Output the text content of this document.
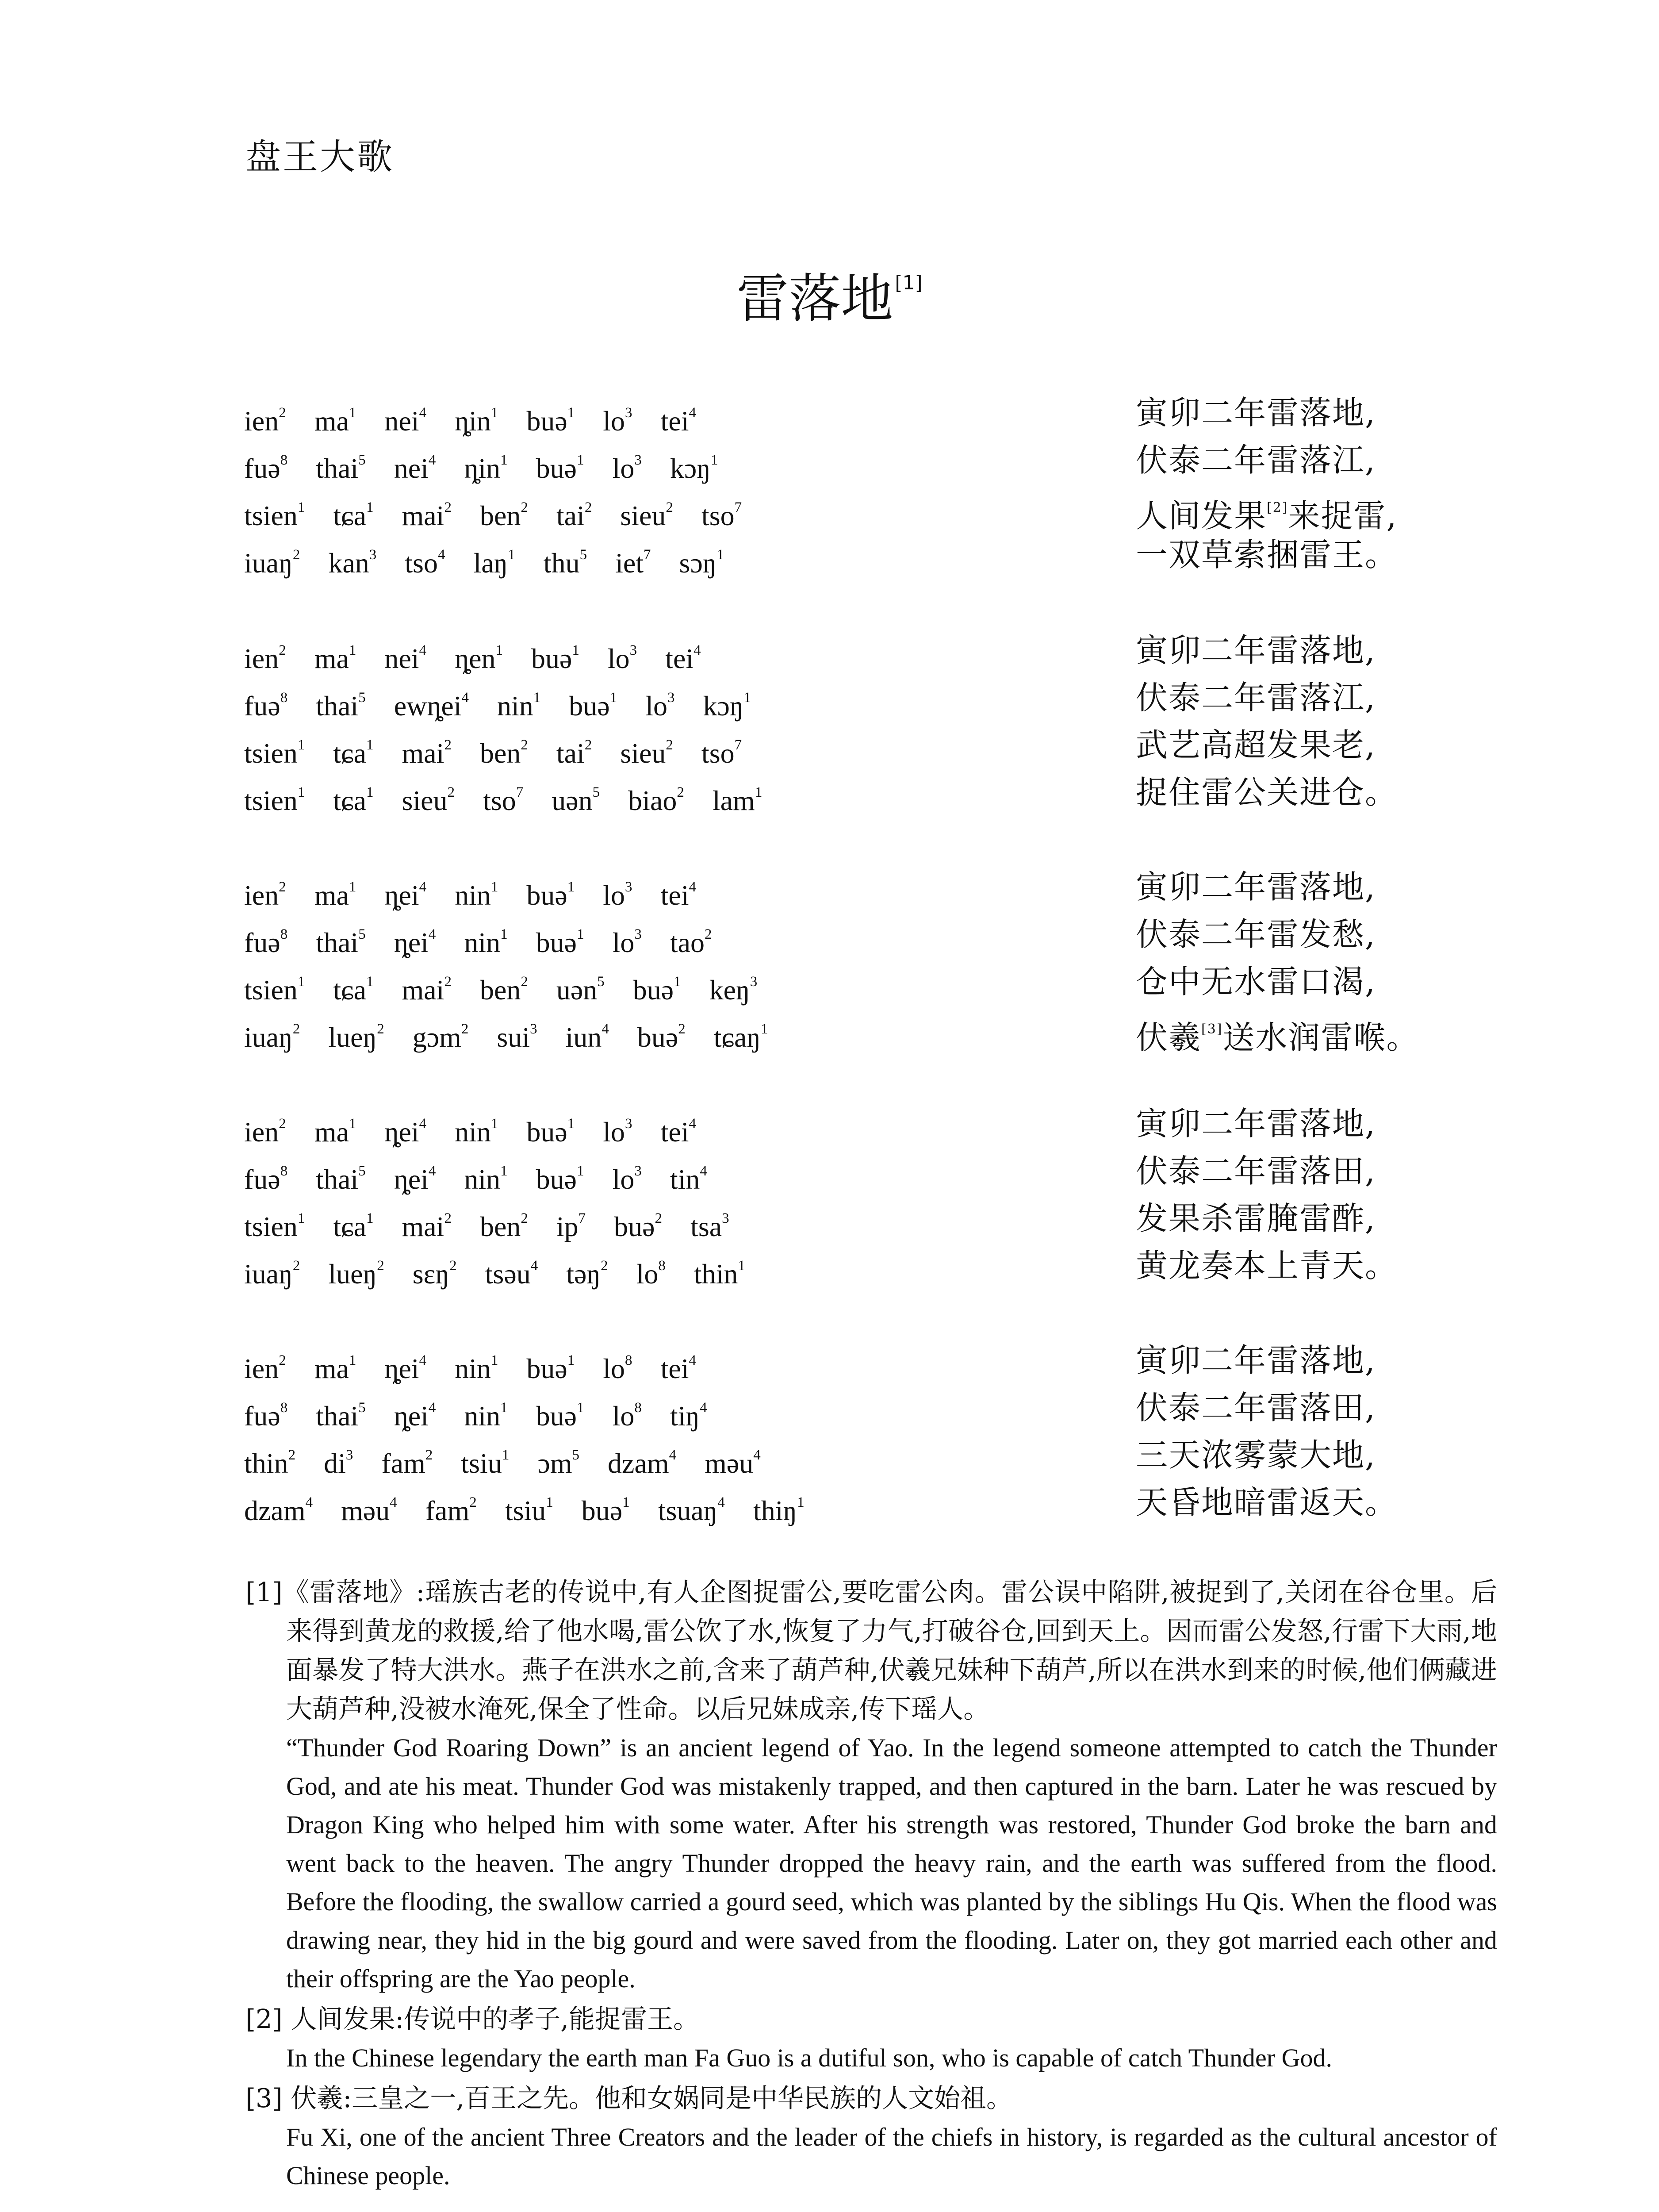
盘王大歌
雷落地[1]
ien$^2$ $ma^1$ nei$^4$ ȵin$^1$ buə$^1$ $lo^3$ tei$^4$	寅卯二年雷落地,
fuə$^8$ thai$^5$ nei$^4$ ȵin$^1$ buə$^1$ $lo^3$ kɔŋ$^1$	伏泰二年雷落江,
tsien$^1$ tɕa$^1$ mai$^2$ ben$^2$ tai$^2$ sieu$^2$ tso$^7$	人间发果[2]来捉雷,
iuaŋ$^2$ kan$^3$ tso$^4$ laŋ$^1$ thu$^5$ iet$^7$ sɔŋ$^1$	一双草索捆雷王。
ien$^2$ $ma^1$ nei$^4$ ȵen$^1$ buə$^1$ $lo^3$ tei$^4$	寅卯二年雷落地,
fuə$^8$ thai$^5$ ewȵei$^4$ nin$^1$ buə$^1$ $lo^3$ kɔŋ$^1$	伏泰二年雷落江,
tsien$^1$ tɕa$^1$ mai$^2$ ben$^2$ tai$^2$ sieu$^2$ tso$^7$	武艺高超发果老,
tsien$^1$ tɕa$^1$ sieu$^2$ tso$^7$ uən$^5$ biao$^2$ lam$^1$	捉住雷公关进仓。
ien$^2$ $ma^1$ ȵei$^4$ nin$^1$ buə$^1$ $lo^3$ tei$^4$	寅卯二年雷落地,
fuə$^8$ thai$^5$ ȵei$^4$ nin$^1$ buə$^1$ $lo^3$ tao$^2$	伏泰二年雷发愁,
tsien$^1$ tɕa$^1$ mai$^2$ ben$^2$ uən$^5$ buə$^1$ keŋ$^3$	仓中无水雷口渴,
iuaŋ$^2$ lueŋ$^2$ gɔm$^2$ sui$^3$ iun$^4$ buə$^2$ tɕaŋ$^1$	伏羲[3]送水润雷喉。
ien$^2$ $ma^1$ ȵei$^4$ nin$^1$ buə$^1$ $lo^3$ tei$^4$	寅卯二年雷落地,
fuə$^8$ thai$^5$ ȵei$^4$ nin$^1$ buə$^1$ $lo^3$ tin$^4$	伏泰二年雷落田,
tsien$^1$ tɕa$^1$ mai$^2$ ben$^2$ $ip^7$ buə$^2$ tsa$^3$	发果杀雷腌雷酢,
iuaŋ$^2$ lueŋ$^2$ sɛŋ$^2$ tsəu$^4$ təŋ$^2$ $lo^8$ thin$^1$	黄龙奏本上青天。
ien$^2$ $ma^1$ ȵei$^4$ nin$^1$ buə$^1$ $lo^8$ tei$^4$	寅卯二年雷落地,
fuə$^8$ thai$^5$ ȵei$^4$ nin$^1$ buə$^1$ $lo^8$ tiŋ$^4$	伏泰二年雷落田,
thin$^2$ $di^3$ fam$^2$ tsiu$^1$ ɔm$^5$ dzam$^4$ məu$^4$	三天浓雾蒙大地,
dzam$^4$ məu$^4$ fam$^2$ tsiu$^1$ buə$^1$ tsuaŋ$^4$ thiŋ$^1$	天昏地暗雷返天。
[1]《雷落地》:瑶族古老的传说中,有人企图捉雷公,要吃雷公肉。雷公误中陷阱,被捉到了,关闭在谷仓里。后来得到黄龙的救援,给了他水喝,雷公饮了水,恢复了力气,打破谷仓,回到天上。因而雷公发怒,行雷下大雨,地面暴发了特大洪水。燕子在洪水之前,含来了葫芦种,伏羲兄妹种下葫芦,所以在洪水到来的时候,他们俩藏进大葫芦种,没被水淹死,保全了性命。以后兄妹成亲,传下瑶人。
“Thunder God Roaring Down” is an ancient legend of Yao. In the legend someone attempted to catch the Thunder God, and ate his meat. Thunder God was mistakenly trapped, and then captured in the barn. Later he was rescued by Dragon King who helped him with some water. After his strength was restored, Thunder God broke the barn and went back to the heaven. The angry Thunder dropped the heavy rain, and the earth was suffered from the flood. Before the flooding, the swallow carried a gourd seed, which was planted by the siblings Hu Qis. When the flood was drawing near, they hid in the big gourd and were saved from the flooding. Later on, they got married each other and their offspring are the Yao people.
[2] 人间发果:传说中的孝子,能捉雷王。
In the Chinese legendary the earth man Fa Guo is a dutiful son, who is capable of catch Thunder God.
[3] 伏羲:三皇之一,百王之先。他和女娲同是中华民族的人文始祖。
Fu Xi, one of the ancient Three Creators and the leader of the chiefs in history, is regarded as the cultural ancestor of Chinese people.
